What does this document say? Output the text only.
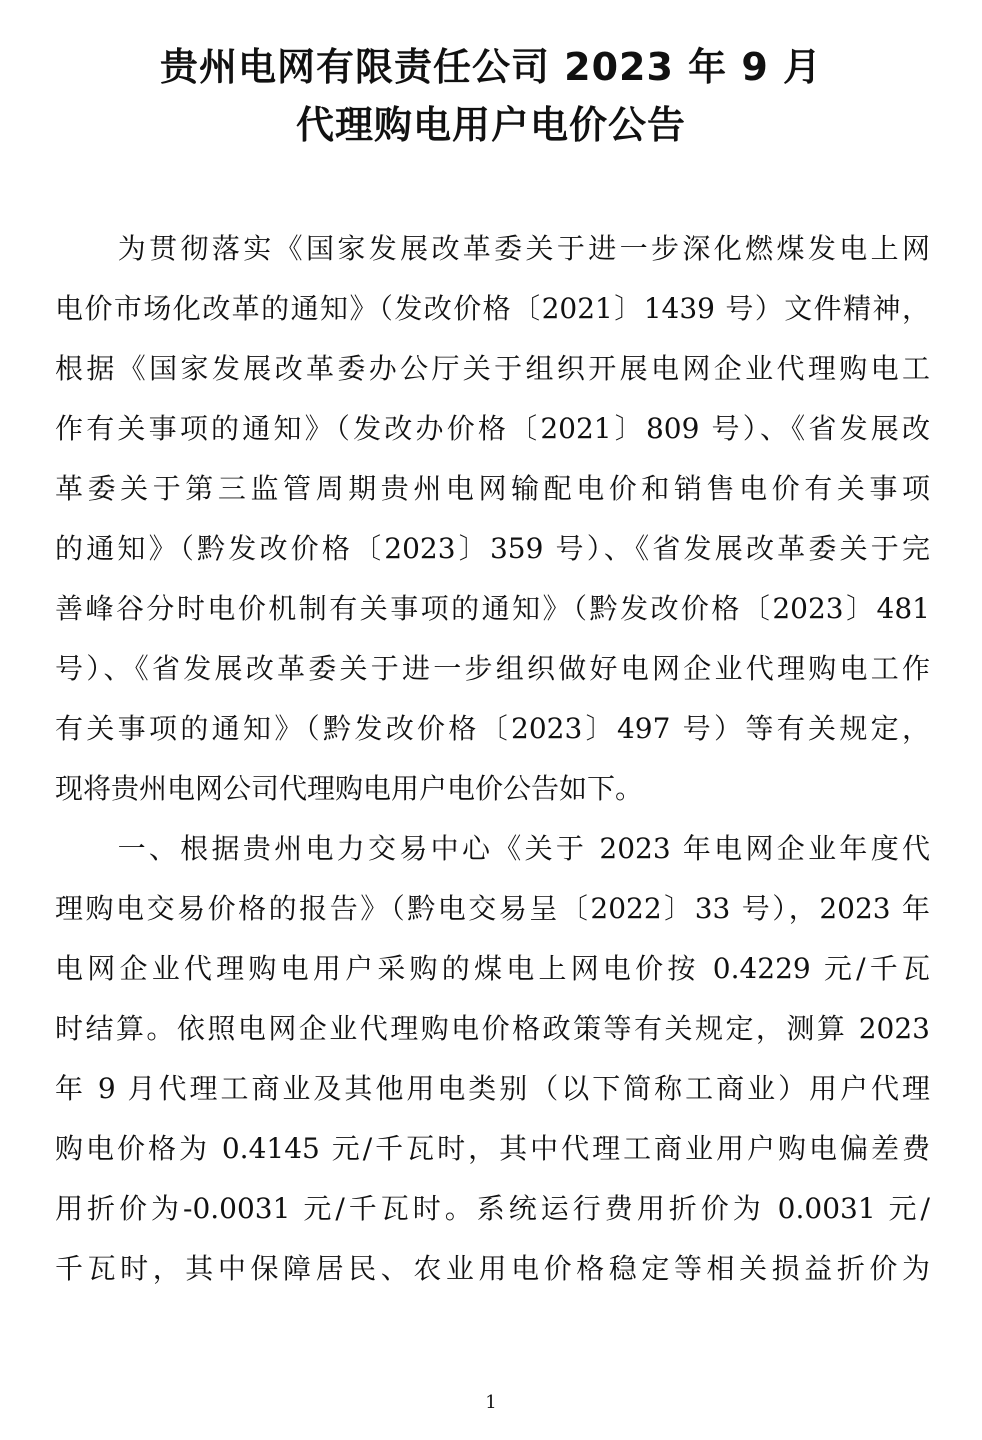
贵州电网有限责任公司 2023 年 9 月
代理购电用户电价公告
　　为贯彻落实《国家发展改革委关于进一步深化燃煤发电上网
电价市场化改革的通知》（发改价格〔2021〕1439 号）文件精神，
根据《国家发展改革委办公厅关于组织开展电网企业代理购电工
作有关事项的通知》（发改办价格〔2021〕809 号）、《省发展改
革委关于第三监管周期贵州电网输配电价和销售电价有关事项
的通知》（黔发改价格〔2023〕359 号）、《省发展改革委关于完
善峰谷分时电价机制有关事项的通知》（黔发改价格〔2023〕481
号）、《省发展改革委关于进一步组织做好电网企业代理购电工作
有关事项的通知》（黔发改价格〔2023〕497 号）等有关规定，
现将贵州电网公司代理购电用户电价公告如下。
　　一、根据贵州电力交易中心《关于 2023 年电网企业年度代
理购电交易价格的报告》（黔电交易呈〔2022〕33 号），2023 年
电网企业代理购电用户采购的煤电上网电价按 0.4229 元/千瓦
时结算。依照电网企业代理购电价格政策等有关规定，测算 2023
年 9 月代理工商业及其他用电类别（以下简称工商业）用户代理
购电价格为 0.4145 元/千瓦时，其中代理工商业用户购电偏差费
用折价为-0.0031 元/千瓦时。系统运行费用折价为 0.0031 元/
千瓦时，其中保障居民、农业用电价格稳定等相关损益折价为
1
